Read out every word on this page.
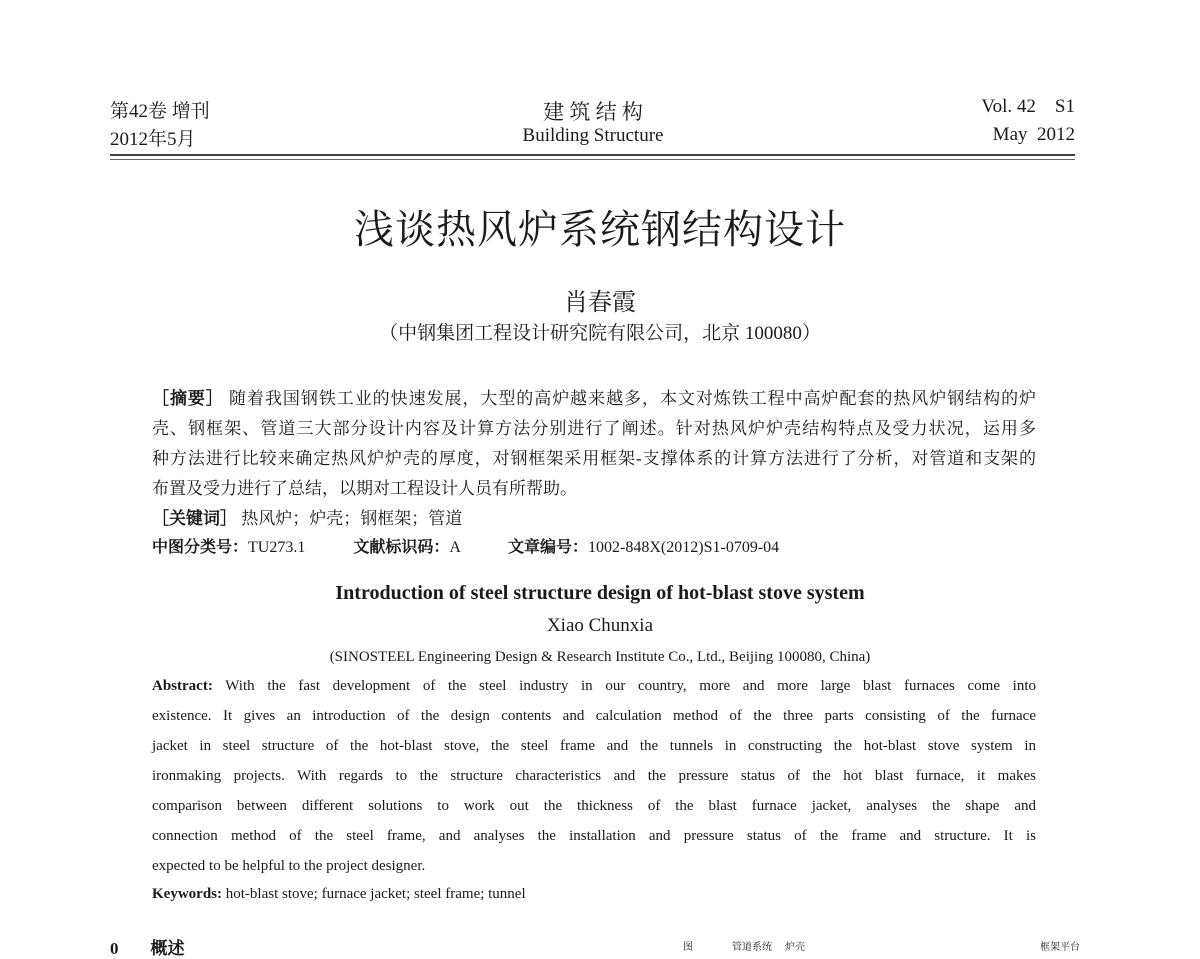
第42卷 增刊
2012年5月
建 筑 结 构
Building Structure
Vol. 42    S1
May  2012
浅谈热风炉系统钢结构设计
肖春霞
（中钢集团工程设计研究院有限公司，北京 100080）
［摘要］ 随着我国钢铁工业的快速发展，大型的高炉越来越多，本文对炼铁工程中高炉配套的热风炉钢结构的炉
壳、钢框架、管道三大部分设计内容及计算方法分别进行了阐述。针对热风炉炉壳结构特点及受力状况，运用多
种方法进行比较来确定热风炉炉壳的厚度，对钢框架采用框架-支撑体系的计算方法进行了分析，对管道和支架的
布置及受力进行了总结，以期对工程设计人员有所帮助。
［关键词］ 热风炉；炉壳；钢框架；管道
中图分类号：TU273.1	文献标识码：A	文章编号：1002-848X(2012)S1-0709-04
Introduction of steel structure design of hot-blast stove system
Xiao Chunxia
(SINOSTEEL Engineering Design & Research Institute Co., Ltd., Beijing 100080, China)
Abstract: With the fast development of the steel industry in our country, more and more large blast furnaces come into
existence. It gives an introduction of the design contents and calculation method of the three parts consisting of the furnace
jacket in steel structure of the hot-blast stove, the steel frame and the tunnels in constructing the hot-blast stove system in
ironmaking projects. With regards to the structure characteristics and the pressure status of the hot blast furnace, it makes
comparison between different solutions to work out the thickness of the blast furnace jacket, analyses the shape and
connection method of the steel frame, and analyses the installation and pressure status of the frame and structure. It is
expected to be helpful to the project designer.
Keywords: hot-blast stove; furnace jacket; steel frame; tunnel
0 概述	图	管道系统 炉壳	框架平台
